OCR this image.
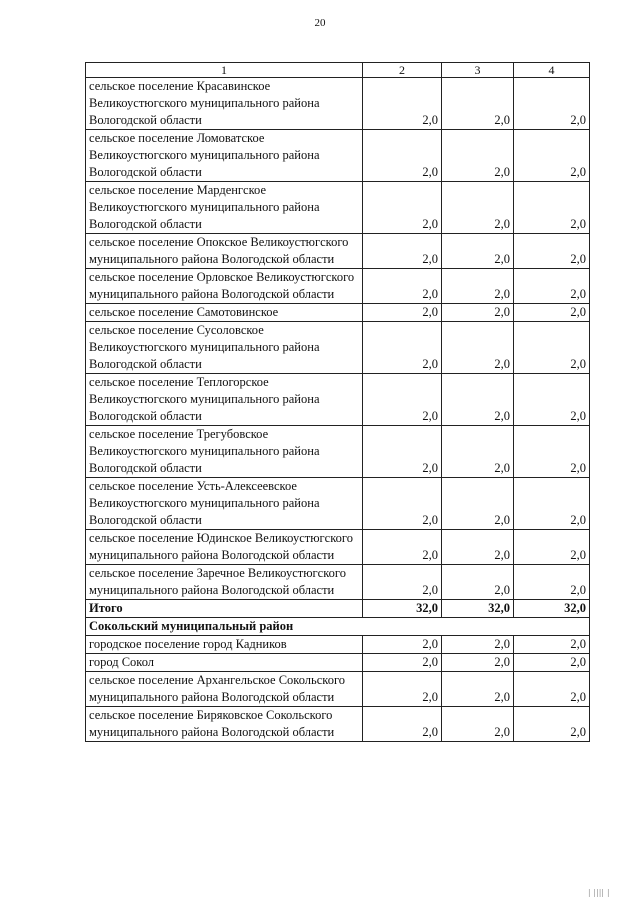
20
1	2	3	4
сельское поселение Красавинское Великоустюгского муниципального района Вологодской области	2,0	2,0	2,0
сельское поселение Ломоватское Великоустюгского муниципального района Вологодской области	2,0	2,0	2,0
сельское поселение Марденгское Великоустюгского муниципального района Вологодской области	2,0	2,0	2,0
сельское поселение Опокское Великоустюгского муниципального района Вологодской области	2,0	2,0	2,0
сельское поселение Орловское Великоустюгского муниципального района Вологодской области	2,0	2,0	2,0
сельское поселение Самотовинское	2,0	2,0	2,0
сельское поселение Сусоловское Великоустюгского муниципального района Вологодской области	2,0	2,0	2,0
сельское поселение Теплогорское Великоустюгского муниципального района Вологодской области	2,0	2,0	2,0
сельское поселение Трегубовское Великоустюгского муниципального района Вологодской области	2,0	2,0	2,0
сельское поселение Усть-Алексеевское Великоустюгского муниципального района Вологодской области	2,0	2,0	2,0
сельское поселение Юдинское Великоустюгского муниципального района Вологодской области	2,0	2,0	2,0
сельское поселение Заречное Великоустюгского муниципального района Вологодской области	2,0	2,0	2,0
Итого	32,0	32,0	32,0
Сокольский муниципальный район			
городское поселение город Кадников	2,0	2,0	2,0
город Сокол	2,0	2,0	2,0
сельское поселение Архангельское Сокольского муниципального района Вологодской области	2,0	2,0	2,0
сельское поселение Биряковское Сокольского муниципального района Вологодской области	2,0	2,0	2,0
| |||| |
